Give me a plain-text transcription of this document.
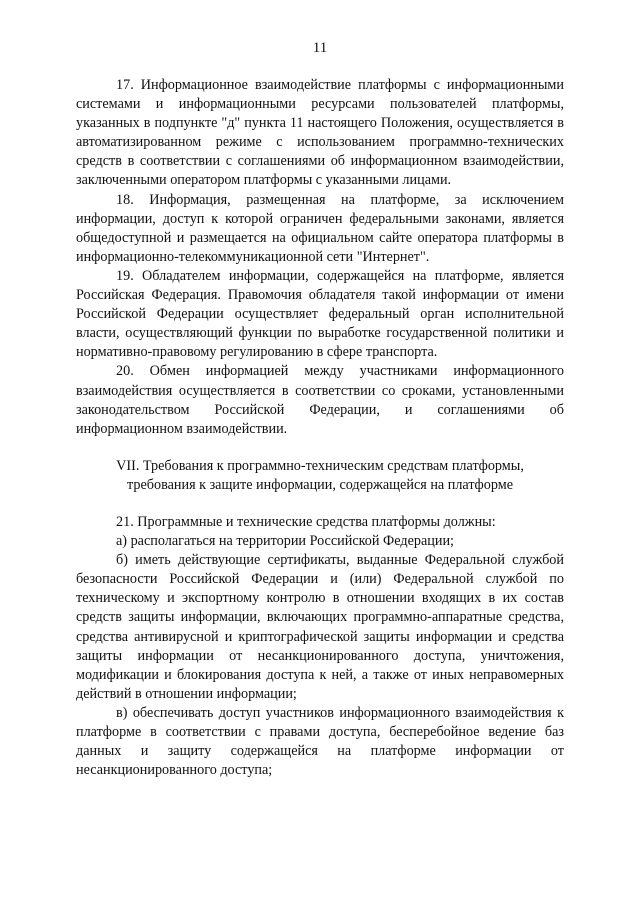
11

17. Информационное взаимодействие платформы с информационными системами и информационными ресурсами пользователей платформы, указанных в подпункте "д" пункта 11 настоящего Положения, осуществляется в автоматизированном режиме с использованием программно-технических средств в соответствии с соглашениями об информационном взаимодействии, заключенными оператором платформы с указанными лицами.

18. Информация, размещенная на платформе, за исключением информации, доступ к которой ограничен федеральными законами, является общедоступной и размещается на официальном сайте оператора платформы в информационно-телекоммуникационной сети "Интернет".

19. Обладателем информации, содержащейся на платформе, является Российская Федерация. Правомочия обладателя такой информации от имени Российской Федерации осуществляет федеральный орган исполнительной власти, осуществляющий функции по выработке государственной политики и нормативно-правовому регулированию в сфере транспорта.

20. Обмен информацией между участниками информационного взаимодействия осуществляется в соответствии со сроками, установленными законодательством Российской Федерации, и соглашениями об информационном взаимодействии.

VII. Требования к программно-техническим средствам платформы,
требования к защите информации, содержащейся на платформе

21. Программные и технические средства платформы должны:

а) располагаться на территории Российской Федерации;

б) иметь действующие сертификаты, выданные Федеральной службой безопасности Российской Федерации и (или) Федеральной службой по техническому и экспортному контролю в отношении входящих в их состав средств защиты информации, включающих программно-аппаратные средства, средства антивирусной и криптографической защиты информации и средства защиты информации от несанкционированного доступа, уничтожения, модификации и блокирования доступа к ней, а также от иных неправомерных действий в отношении информации;

в) обеспечивать доступ участников информационного взаимодействия к платформе в соответствии с правами доступа, бесперебойное ведение баз данных и защиту содержащейся на платформе информации от несанкционированного доступа;
